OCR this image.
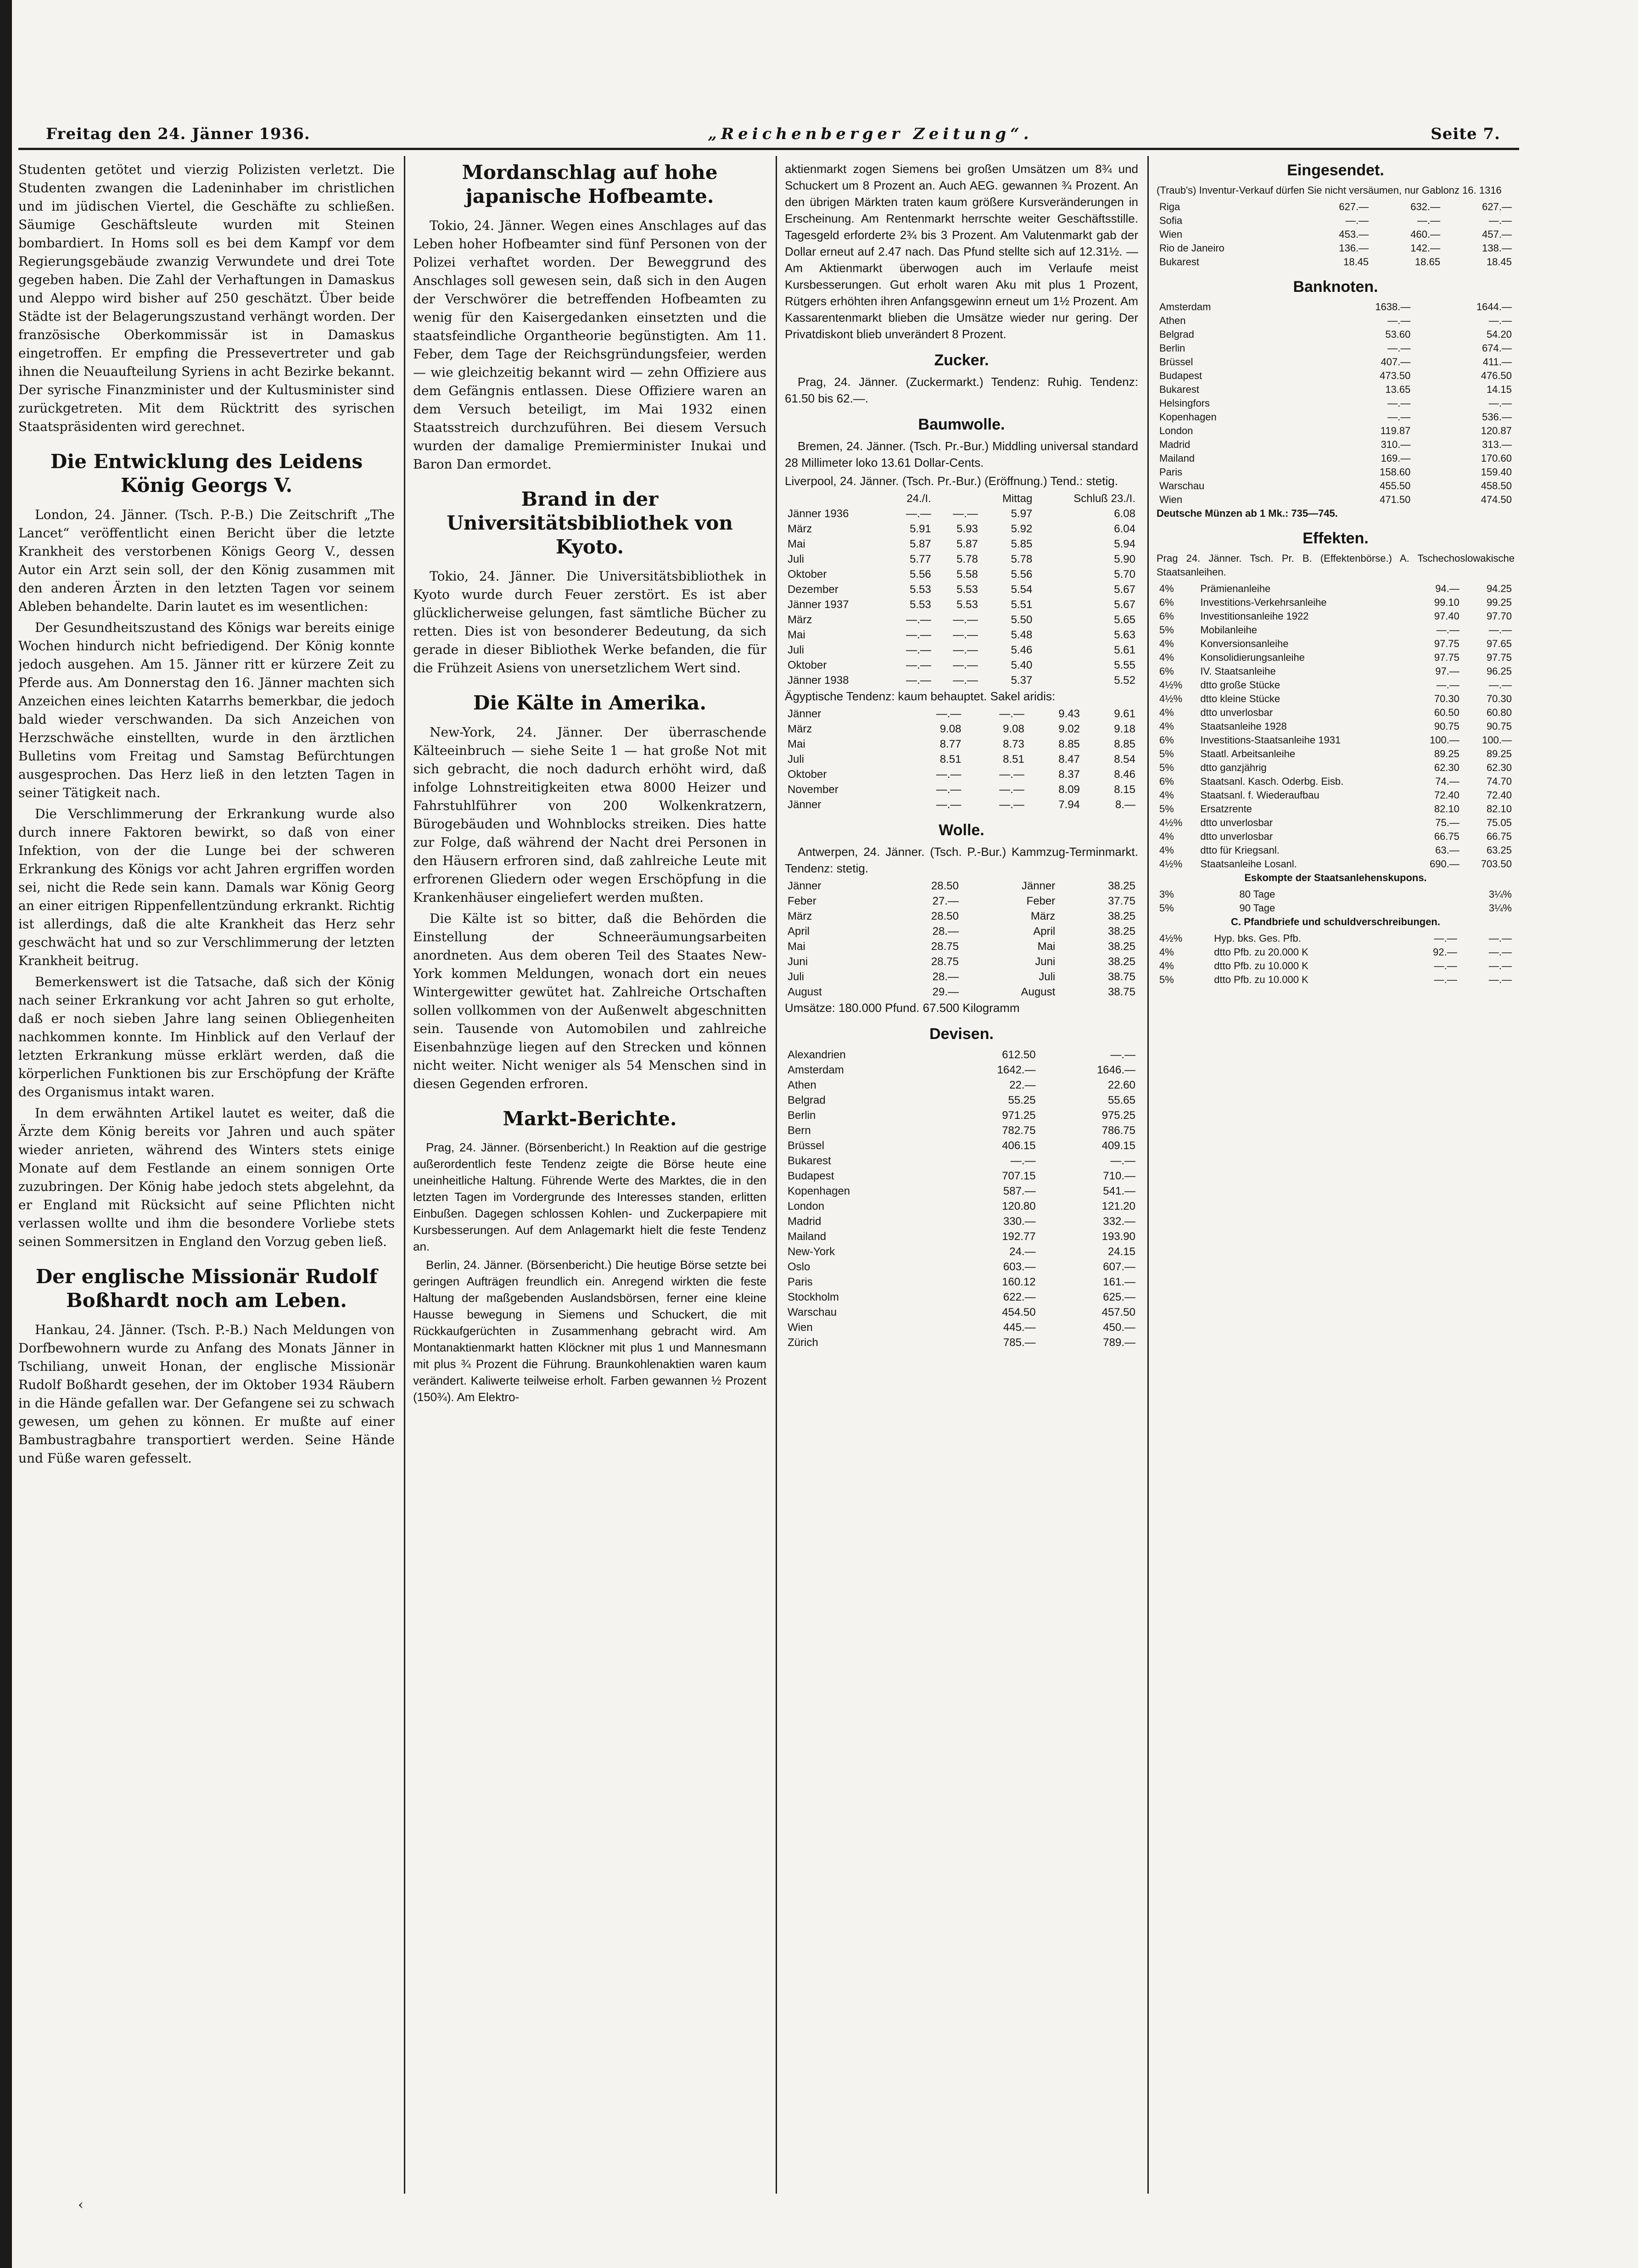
Freitag den 24. Jänner 1936.	„Reichenberger Zeitung“.	Seite 7.

Studenten getötet und vierzig Polizisten verletzt. Die Studenten zwangen die Ladeninhaber im christlichen und im jüdischen Viertel, die Geschäfte zu schließen. Säumige Geschäftsleute wurden mit Steinen bombardiert. In Homs soll es bei dem Kampf vor dem Regierungsgebäude zwanzig Verwundete und drei Tote gegeben haben. Die Zahl der Verhaftungen in Damaskus und Aleppo wird bisher auf 250 geschätzt. Über beide Städte ist der Belagerungszustand verhängt worden. Der französische Oberkommissär ist in Damaskus eingetroffen. Er empfing die Pressevertreter und gab ihnen die Neuaufteilung Syriens in acht Bezirke bekannt. Der syrische Finanzminister und der Kultusminister sind zurückgetreten. Mit dem Rücktritt des syrischen Staatspräsidenten wird gerechnet.

Die Entwicklung des Leidens König Georgs V.

London, 24. Jänner. (Tsch. P.-B.) Die Zeitschrift „The Lancet“ veröffentlicht einen Bericht über die letzte Krankheit des verstorbenen Königs Georg V., dessen Autor ein Arzt sein soll, der den König zusammen mit den anderen Ärzten in den letzten Tagen vor seinem Ableben behandelte. Darin lautet es im wesentlichen:

Der Gesundheitszustand des Königs war bereits einige Wochen hindurch nicht befriedigend. Der König konnte jedoch ausgehen. Am 15. Jänner ritt er kürzere Zeit zu Pferde aus. Am Donnerstag den 16. Jänner machten sich Anzeichen eines leichten Katarrhs bemerkbar, die jedoch bald wieder verschwanden. Da sich Anzeichen von Herzschwäche einstellten, wurde in den ärztlichen Bulletins vom Freitag und Samstag Befürchtungen ausgesprochen. Das Herz ließ in den letzten Tagen in seiner Tätigkeit nach.

Die Verschlimmerung der Erkrankung wurde also durch innere Faktoren bewirkt, so daß von einer Infektion, von der die Lunge bei der schweren Erkrankung des Königs vor acht Jahren ergriffen worden sei, nicht die Rede sein kann. Damals war König Georg an einer eitrigen Rippenfellentzündung erkrankt. Richtig ist allerdings, daß die alte Krankheit das Herz sehr geschwächt hat und so zur Verschlimmerung der letzten Krankheit beitrug.

Bemerkenswert ist die Tatsache, daß sich der König nach seiner Erkrankung vor acht Jahren so gut erholte, daß er noch sieben Jahre lang seinen Obliegenheiten nachkommen konnte. Im Hinblick auf den Verlauf der letzten Erkrankung müsse erklärt werden, daß die körperlichen Funktionen bis zur Erschöpfung der Kräfte des Organismus intakt waren.

In dem erwähnten Artikel lautet es weiter, daß die Ärzte dem König bereits vor Jahren und auch später wieder anrieten, während des Winters stets einige Monate auf dem Festlande an einem sonnigen Orte zuzubringen. Der König habe jedoch stets abgelehnt, da er England mit Rücksicht auf seine Pflichten nicht verlassen wollte und ihm die besondere Vorliebe stets seinen Sommersitzen in England den Vorzug geben ließ.

Der englische Missionär Rudolf Boßhardt noch am Leben.

Hankau, 24. Jänner. (Tsch. P.-B.) Nach Meldungen von Dorfbewohnern wurde zu Anfang des Monats Jänner in Tschiliang, unweit Honan, der englische Missionär Rudolf Boßhardt gesehen, der im Oktober 1934 Räubern in die Hände gefallen war. Der Gefangene sei zu schwach gewesen, um gehen zu können. Er mußte auf einer Bambustragbahre transportiert werden. Seine Hände und Füße waren gefesselt.

Mordanschlag auf hohe japanische Hofbeamte.

Tokio, 24. Jänner. Wegen eines Anschlages auf das Leben hoher Hofbeamter sind fünf Personen von der Polizei verhaftet worden. Der Beweggrund des Anschlages soll gewesen sein, daß sich in den Augen der Verschwörer die betreffenden Hofbeamten zu wenig für den Kaisergedanken einsetzten und die staatsfeindliche Organtheorie begünstigten. Am 11. Feber, dem Tage der Reichsgründungsfeier, werden — wie gleichzeitig bekannt wird — zehn Offiziere aus dem Gefängnis entlassen. Diese Offiziere waren an dem Versuch beteiligt, im Mai 1932 einen Staatsstreich durchzuführen. Bei diesem Versuch wurden der damalige Premierminister Inukai und Baron Dan ermordet.

Brand in der Universitätsbibliothek von Kyoto.

Tokio, 24. Jänner. Die Universitätsbibliothek in Kyoto wurde durch Feuer zerstört. Es ist aber glücklicherweise gelungen, fast sämtliche Bücher zu retten. Dies ist von besonderer Bedeutung, da sich gerade in dieser Bibliothek Werke befanden, die für die Frühzeit Asiens von unersetzlichem Wert sind.

Die Kälte in Amerika.

New-York, 24. Jänner. Der überraschende Kälteeinbruch — siehe Seite 1 — hat große Not mit sich gebracht, die noch dadurch erhöht wird, daß infolge Lohnstreitigkeiten etwa 8000 Heizer und Fahrstuhlführer von 200 Wolkenkratzern, Bürogebäuden und Wohnblocks streiken. Dies hatte zur Folge, daß während der Nacht drei Personen in den Häusern erfroren sind, daß zahlreiche Leute mit erfrorenen Gliedern oder wegen Erschöpfung in die Krankenhäuser eingeliefert werden mußten.

Die Kälte ist so bitter, daß die Behörden die Einstellung der Schneeräumungsarbeiten anordneten. Aus dem oberen Teil des Staates New-York kommen Meldungen, wonach dort ein neues Wintergewitter gewütet hat. Zahlreiche Ortschaften sollen vollkommen von der Außenwelt abgeschnitten sein. Tausende von Automobilen und zahlreiche Eisenbahnzüge liegen auf den Strecken und können nicht weiter. Nicht weniger als 54 Menschen sind in diesen Gegenden erfroren.

Markt-Berichte.

Prag, 24. Jänner. (Börsenbericht.) In Reaktion auf die gestrige außerordentlich feste Tendenz zeigte die Börse heute eine uneinheitliche Haltung. Führende Werte des Marktes, die in den letzten Tagen im Vordergrunde des Interesses standen, erlitten Einbußen. Dagegen schlossen Kohlen- und Zuckerpapiere mit Kursbesserungen. Auf dem Anlagemarkt hielt die feste Tendenz an.

Berlin, 24. Jänner. (Börsenbericht.) Die heutige Börse setzte bei geringen Aufträgen freundlich ein. Anregend wirkten die feste Haltung der maßgebenden Auslandsbörsen, ferner eine kleine Hausse bewegung in Siemens und Schuckert, die mit Rückkaufgerüchten in Zusammenhang gebracht wird. Am Montanaktienmarkt hatten Klöckner mit plus 1 und Mannesmann mit plus ¾ Prozent die Führung. Braunkohlenaktien waren kaum verändert. Kaliwerte teilweise erholt. Farben gewannen ½ Prozent (150¾). Am Elektro-

aktienmarkt zogen Siemens bei großen Umsätzen um 8¾ und Schuckert um 8 Prozent an. Auch AEG. gewannen ¾ Prozent. An den übrigen Märkten traten kaum größere Kursveränderungen in Erscheinung. Am Rentenmarkt herrschte weiter Geschäftsstille. Tagesgeld erforderte 2¾ bis 3 Prozent. Am Valutenmarkt gab der Dollar erneut auf 2.47 nach. Das Pfund stellte sich auf 12.31½. — Am Aktienmarkt überwogen auch im Verlaufe meist Kursbesserungen. Gut erholt waren Aku mit plus 1 Prozent, Rütgers erhöhten ihren Anfangsgewinn erneut um 1½ Prozent. Am Kassarentenmarkt blieben die Umsätze wieder nur gering. Der Privatdiskont blieb unverändert 8 Prozent.

Zucker.

Prag, 24. Jänner. (Zuckermarkt.) Tendenz: Ruhig. Tendenz: 61.50 bis 62.—.

Baumwolle.

Bremen, 24. Jänner. (Tsch. Pr.-Bur.) Middling universal standard 28 Millimeter loko 13.61 Dollar-Cents.

Liverpool, 24. Jänner. (Tsch. Pr.-Bur.) (Eröffnung.) Tend.: stetig.

	24./I.		Mittag	Schluß 23./I.
Jänner 1936	—.—	—.—	5.97	6.08
März	5.91	5.93	5.92	6.04
Mai	5.87	5.87	5.85	5.94
Juli	5.77	5.78	5.78	5.90
Oktober	5.56	5.58	5.56	5.70
Dezember	5.53	5.53	5.54	5.67
Jänner 1937	5.53	5.53	5.51	5.67
März	—.—	—.—	5.50	5.65
Mai	—.—	—.—	5.48	5.63
Juli	—.—	—.—	5.46	5.61
Oktober	—.—	—.—	5.40	5.55
Jänner 1938	—.—	—.—	5.37	5.52

Ägyptische Tendenz: kaum behauptet. Sakel aridis:

Jänner	—.—	—.—	9.43	9.61
März	9.08	9.08	9.02	9.18
Mai	8.77	8.73	8.85	8.85
Juli	8.51	8.51	8.47	8.54
Oktober	—.—	—.—	8.37	8.46
November	—.—	—.—	8.09	8.15
Jänner	—.—	—.—	7.94	8.—
Wolle.

Antwerpen, 24. Jänner. (Tsch. P.-Bur.) Kammzug-Terminmarkt. Tendenz: stetig.

Jänner	28.50	Jänner	38.25
Feber	27.—	Feber	37.75
März	28.50	März	38.25
April	28.—	April	38.25
Mai	28.75	Mai	38.25
Juni	28.75	Juni	38.25
Juli	28.—	Juli	38.75
August	29.—	August	38.75

Umsätze: 180.000 Pfund. 67.500 Kilogramm

Devisen.
Alexandrien	612.50	—.—
Amsterdam	1642.—	1646.—
Athen	22.—	22.60
Belgrad	55.25	55.65
Berlin	971.25	975.25
Bern	782.75	786.75
Brüssel	406.15	409.15
Bukarest	—.—	—.—
Budapest	707.15	710.—
Kopenhagen	587.—	541.—
London	120.80	121.20
Madrid	330.—	332.—
Mailand	192.77	193.90
New-York	24.—	24.15
Oslo	603.—	607.—
Paris	160.12	161.—
Stockholm	622.—	625.—
Warschau	454.50	457.50
Wien	445.—	450.—
Zürich	785.—	789.—
Eingesendet.

(Traub's) Inventur-Verkauf dürfen Sie nicht versäumen, nur Gablonz 16. 1316

Riga	627.—	632.—	627.—
Sofia	—.—	—.—	—.—
Wien	453.—	460.—	457.—
Rio de Janeiro	136.—	142.—	138.—
Bukarest	18.45	18.65	18.45
Banknoten.
Amsterdam	1638.—	1644.—
Athen	—.—	—.—
Belgrad	53.60	54.20
Berlin	—.—	674.—
Brüssel	407.—	411.—
Budapest	473.50	476.50
Bukarest	13.65	14.15
Helsingfors	—.—	—.—
Kopenhagen	—.—	536.—
London	119.87	120.87
Madrid	310.—	313.—
Mailand	169.—	170.60
Paris	158.60	159.40
Warschau	455.50	458.50
Wien	471.50	474.50

Deutsche Münzen ab 1 Mk.: 735—745.

Effekten.

Prag 24. Jänner. Tsch. Pr. B. (Effektenbörse.) A. Tschechoslowakische Staatsanleihen.

4%	Prämienanleihe	94.—	94.25
6%	Investitions-Verkehrsanleihe	99.10	99.25
6%	Investitionsanleihe 1922	97.40	97.70
5%	Mobilanleihe	—.—	—.—
4%	Konversionsanleihe	97.75	97.65
4%	Konsolidierungsanleihe	97.75	97.75
6%	IV. Staatsanleihe	97.—	96.25
4½%	dtto große Stücke	—.—	—.—
4½%	dtto kleine Stücke	70.30	70.30
4%	dtto unverlosbar	60.50	60.80
4%	Staatsanleihe 1928	90.75	90.75
6%	Investitions-Staatsanleihe 1931	100.—	100.—
5%	Staatl. Arbeitsanleihe	89.25	89.25
5%	dtto ganzjährig	62.30	62.30
6%	Staatsanl. Kasch. Oderbg. Eisb.	74.—	74.70
4%	Staatsanl. f. Wiederaufbau	72.40	72.40
5%	Ersatzrente	82.10	82.10
4½%	dtto unverlosbar	75.—	75.05
4%	dtto unverlosbar	66.75	66.75
4%	dtto für Kriegsanl.	63.—	63.25
4½%	Staatsanleihe Losanl.	690.—	703.50

Eskompte der Staatsanlehenskupons.

3%	80 Tage	3¼%
5%	90 Tage	3¼%

C. Pfandbriefe und schuldverschreibungen.

4½%	Hyp. bks. Ges. Pfb.	—.—	—.—
4%	dtto Pfb. zu 20.000 K	92.—	—.—
4%	dtto Pfb. zu 10.000 K	—.—	—.—
5%	dtto Pfb. zu 10.000 K	—.—	—.—
‹
